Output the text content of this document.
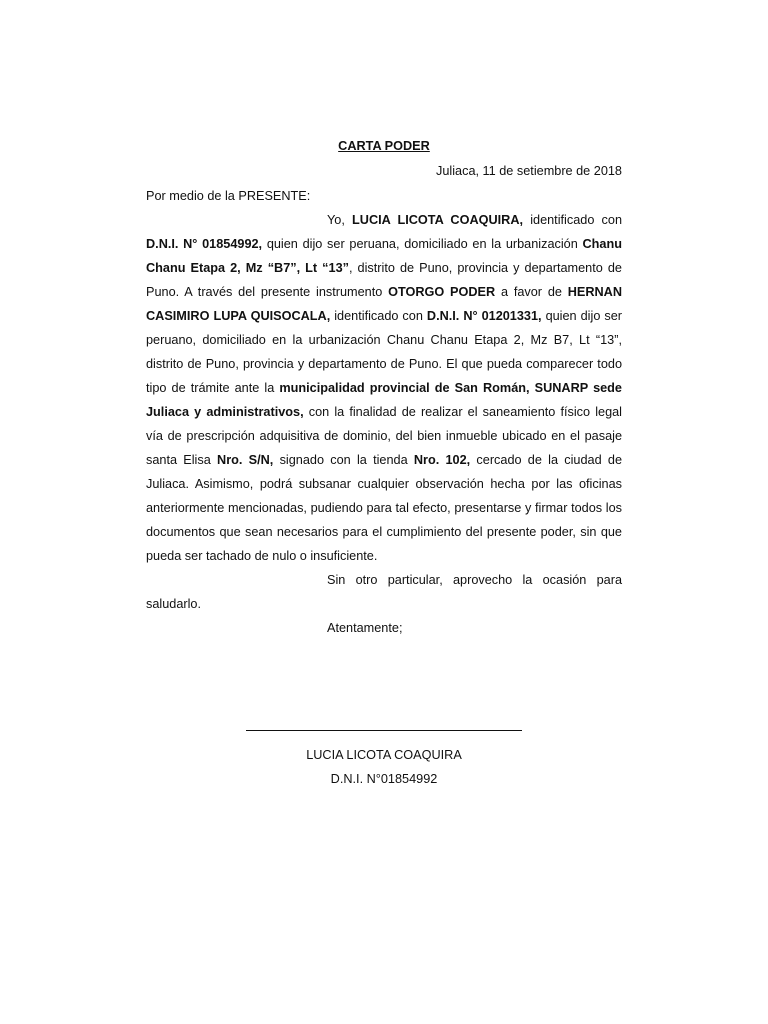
CARTA PODER

Juliaca, 11 de setiembre de 2018

Por medio de la PRESENTE:

Yo, LUCIA LICOTA COAQUIRA, identificado con D.N.I. N° 01854992, quien dijo ser peruana, domiciliado en la urbanización Chanu Chanu Etapa 2, Mz “B7”, Lt “13”, distrito de Puno, provincia y departamento de Puno. A través del presente instrumento OTORGO PODER a favor de HERNAN CASIMIRO LUPA QUISOCALA, identificado con D.N.I. N° 01201331, quien dijo ser peruano, domiciliado en la urbanización Chanu Chanu Etapa 2, Mz B7, Lt “13”, distrito de Puno, provincia y departamento de Puno. El que pueda comparecer todo tipo de trámite ante la municipalidad provincial de San Román, SUNARP sede Juliaca y administrativos, con la finalidad de realizar el saneamiento físico legal vía de prescripción adquisitiva de dominio, del bien inmueble ubicado en el pasaje santa Elisa Nro. S/N, signado con la tienda Nro. 102, cercado de la ciudad de Juliaca. Asimismo, podrá subsanar cualquier observación hecha por las oficinas anteriormente mencionadas, pudiendo para tal efecto, presentarse y firmar todos los documentos que sean necesarios para el cumplimiento del presente poder, sin que pueda ser tachado de nulo o insuficiente.

Sin otro particular, aprovecho la ocasión para saludarlo.

Atentamente;

LUCIA LICOTA COAQUIRA

D.N.I. N°01854992
